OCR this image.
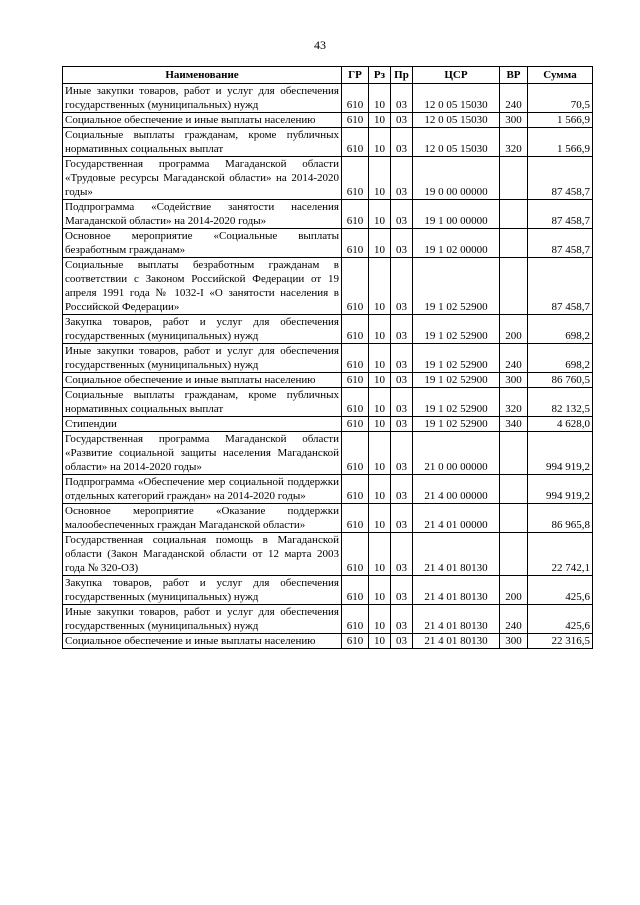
43
Наименование	ГР	Рз	Пр	ЦСР	ВР	Сумма
Иные закупки товаров, работ и услуг для обеспечения государственных (муниципальных) нужд	610	10	03	12 0 05 15030	240	70,5
Социальное обеспечение и иные выплаты населению	610	10	03	12 0 05 15030	300	1 566,9
Социальные выплаты гражданам, кроме публичных нормативных социальных выплат	610	10	03	12 0 05 15030	320	1 566,9
Государственная программа Магаданской области «Трудовые ресурсы Магаданской области» на 2014-2020 годы»	610	10	03	19 0 00 00000		87 458,7
Подпрограмма «Содействие занятости населения Магаданской области» на 2014-2020 годы»	610	10	03	19 1 00 00000		87 458,7
Основное мероприятие «Социальные выплаты безработным гражданам»	610	10	03	19 1 02 00000		87 458,7
Социальные выплаты безработным гражданам в соответствии с Законом Российской Федерации от 19 апреля 1991 года № 1032-I «О занятости населения в Российской Федерации»	610	10	03	19 1 02 52900		87 458,7
Закупка товаров, работ и услуг для обеспечения государственных (муниципальных) нужд	610	10	03	19 1 02 52900	200	698,2
Иные закупки товаров, работ и услуг для обеспечения государственных (муниципальных) нужд	610	10	03	19 1 02 52900	240	698,2
Социальное обеспечение и иные выплаты населению	610	10	03	19 1 02 52900	300	86 760,5
Социальные выплаты гражданам, кроме публичных нормативных социальных выплат	610	10	03	19 1 02 52900	320	82 132,5
Стипендии	610	10	03	19 1 02 52900	340	4 628,0
Государственная программа Магаданской области «Развитие социальной защиты населения Магаданской области» на 2014-2020 годы»	610	10	03	21 0 00 00000		994 919,2
Подпрограмма «Обеспечение мер социальной поддержки отдельных категорий граждан» на 2014-2020 годы»	610	10	03	21 4 00 00000		994 919,2
Основное мероприятие «Оказание поддержки малообеспеченных граждан Магаданской области»	610	10	03	21 4 01 00000		86 965,8
Государственная социальная помощь в Магаданской области (Закон Магаданской области от 12 марта 2003 года № 320-ОЗ)	610	10	03	21 4 01 80130		22 742,1
Закупка товаров, работ и услуг для обеспечения государственных (муниципальных) нужд	610	10	03	21 4 01 80130	200	425,6
Иные закупки товаров, работ и услуг для обеспечения государственных (муниципальных) нужд	610	10	03	21 4 01 80130	240	425,6
Социальное обеспечение и иные выплаты населению	610	10	03	21 4 01 80130	300	22 316,5
